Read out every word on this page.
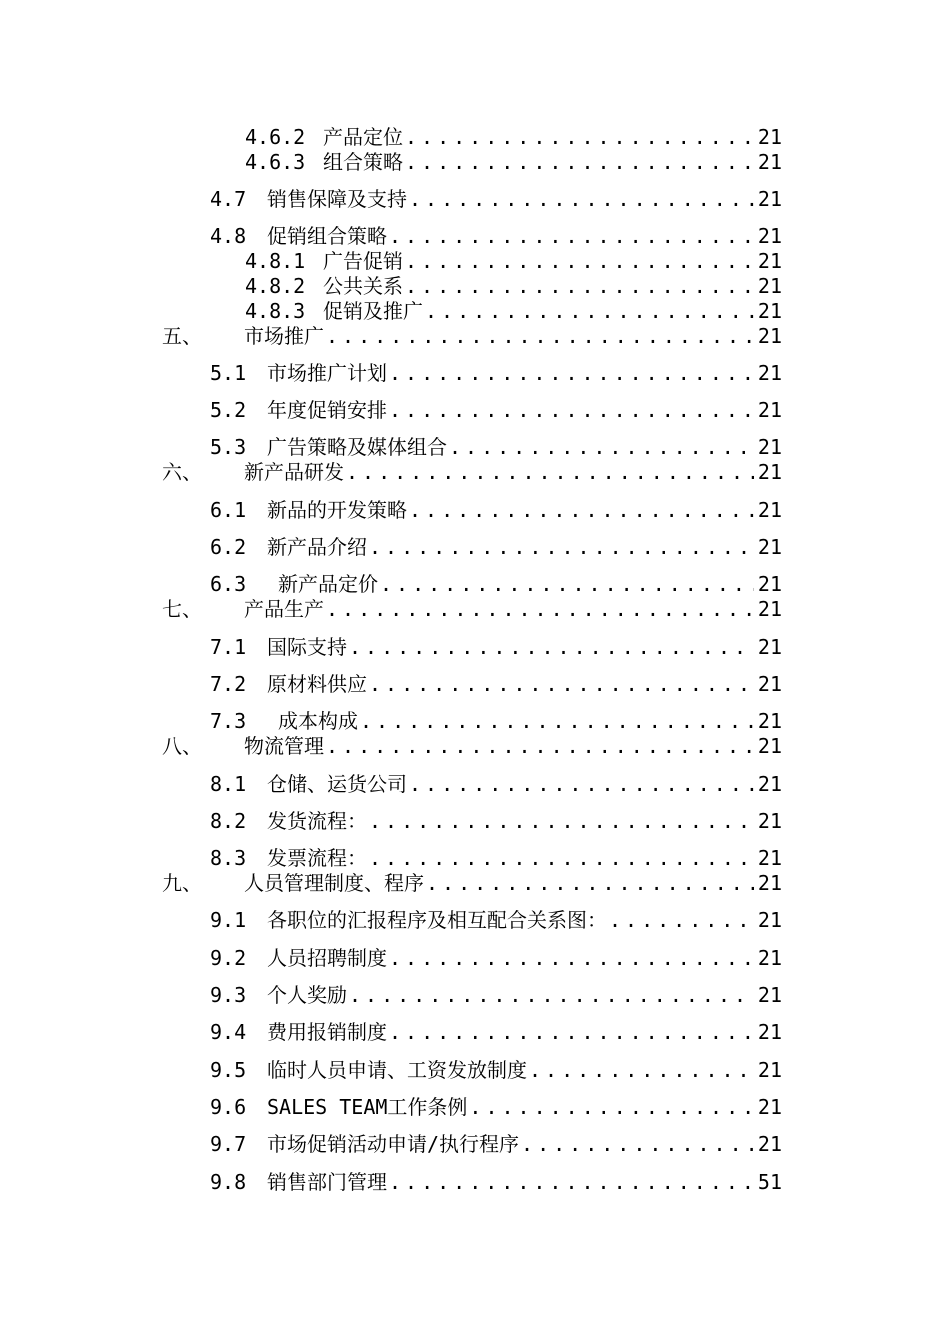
4.6.2 产品定位 .....	21
4.6.3 组合策略 .....	21
4.7	销售保障及支持 .....	21
4.8	促销组合策略 .....	21
4.8.1 广告促销 .....	21
4.8.2 公共关系 .....	21
4.8.3 促销及推广 .....	21
五、	市场推广 .....	21
5.1	市场推广计划 .....	21
5.2	年度促销安排 .....	21
5.3	广告策略及媒体组合 .....	21
六、	新产品研发 .....	21
6.1	新品的开发策略 .....	21
6.2	新产品介绍 .....	21
6.3	新产品定价 .....	21
七、	产品生产 .....	21
7.1	国际支持 .....	21
7.2	原材料供应 .....	21
7.3	成本构成 .....	21
八、	物流管理 .....	21
8.1	仓储、运货公司 .....	21
8.2	发货流程： .....	21
8.3	发票流程： .....	21
九、	人员管理制度、程序 .....	21
9.1	各职位的汇报程序及相互配合关系图： .....	21
9.2	人员招聘制度 .....	21
9.3	个人奖励 .....	21
9.4	费用报销制度 .....	21
9.5	临时人员申请、工资发放制度 .....	21
9.6	SALES TEAM工作条例 .....	21
9.7	市场促销活动申请/执行程序 .....	21
9.8	销售部门管理 .....	51
